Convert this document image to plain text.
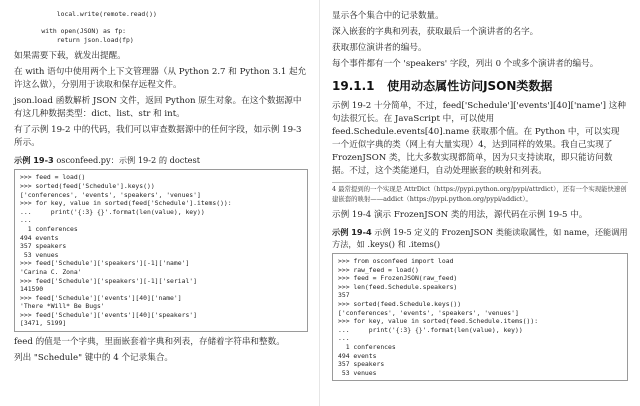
local.write(remote.read())

with open(JSON) as fp:
return json.load(fp)
如果需要下载，就发出提醒。
在 with 语句中使用两个上下文管理器（从 Python 2.7 和 Python 3.1 起允许这么做），分别用于读取和保存远程文件。
json.load 函数解析 JSON 文件，返回 Python 原生对象。在这个数据源中有这几种数据类型：dict、list、str 和 int。
有了示例 19-2 中的代码，我们可以审查数据源中的任何字段，如示例 19-3 所示。
示例 19-3 osconfeed.py：示例 19-2 的 doctest
>>> feed = load()
>>> sorted(feed['Schedule'].keys())
['conferences', 'events', 'speakers', 'venues']
>>> for key, value in sorted(feed['Schedule'].items()):
...     print('{:3} {}'.format(len(value), key))
...
1 conferences
494 events
357 speakers
53 venues
>>> feed['Schedule']['speakers'][-1]['name']
'Carina C. Zona'
>>> feed['Schedule']['speakers'][-1]['serial']
141590
>>> feed['Schedule']['events'][40]['name']
'There *Will* Be Bugs'
>>> feed['Schedule']['events'][40]['speakers']
[3471, 5199]
feed 的值是一个字典，里面嵌套着字典和列表，存储着字符串和整数。
列出 "Schedule" 键中的 4 个记录集合。
显示各个集合中的记录数量。
深入嵌套的字典和列表，获取最后一个演讲者的名字。
获取那位演讲者的编号。
每个事件都有一个 'speakers' 字段，列出 0 个或多个演讲者的编号。
19.1.1 使用动态属性访问JSON类数据
示例 19-2 十分简单，不过，feed['Schedule']['events'][40]['name'] 这种句法很冗长。在 JavaScript 中，可以使用 feed.Schedule.events[40].name 获取那个值。在 Python 中，可以实现一个近似字典的类（网上有大量实现）4，达到同样的效果。我自己实现了 FrozenJSON 类，比大多数实现都简单，因为只支持读取，即只能访问数据。不过，这个类能递归，自动处理嵌套的映射和列表。
4 最常提到的一个实现是 AttrDict（https://pypi.python.org/pypi/attrdict），还有一个实现能快速创建嵌套的映射——addict（https://pypi.python.org/pypi/addict）。
示例 19-4 演示 FrozenJSON 类的用法，源代码在示例 19-5 中。
示例 19-4 示例 19-5 定义的 FrozenJSON 类能读取属性，如 name，还能调用方法，如 .keys() 和 .items()
>>> from osconfeed import load
>>> raw_feed = load()
>>> feed = FrozenJSON(raw_feed)
>>> len(feed.Schedule.speakers)
357
>>> sorted(feed.Schedule.keys())
['conferences', 'events', 'speakers', 'venues']
>>> for key, value in sorted(feed.Schedule.items()):
...     print('{:3} {}'.format(len(value), key))
...
1 conferences
494 events
357 speakers
53 venues
